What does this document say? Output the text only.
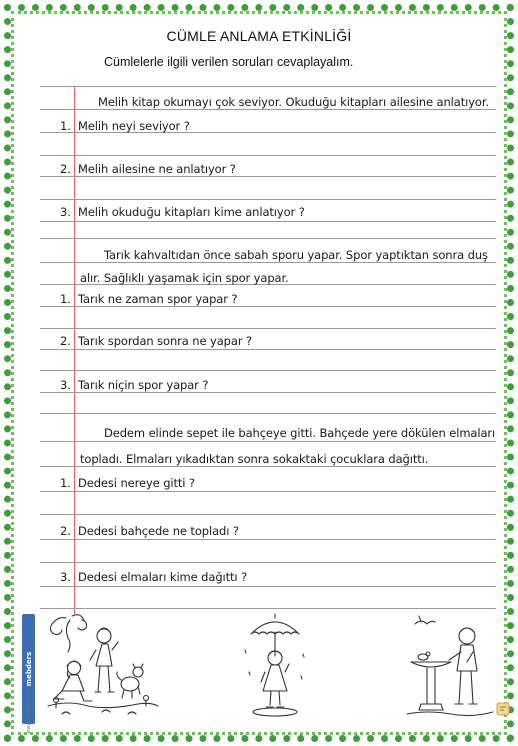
CÜMLE ANLAMA ETKİNLİĞİ
Cümlelerle ilgili verilen soruları cevaplayalım.
Melih kitap okumayı çok seviyor. Okuduğu kitapları ailesine anlatıyor.
1. Melih neyi seviyor ?
2. Melih ailesine ne anlatıyor ?
3. Melih okuduğu kitapları kime anlatıyor ?
Tarık kahvaltıdan önce sabah sporu yapar. Spor yaptıktan sonra duş
alır. Sağlıklı yaşamak için spor yapar.
1. Tarık ne zaman spor yapar ?
2. Tarık spordan sonra ne yapar ?
3. Tarık niçin spor yapar ?
Dedem elinde sepet ile bahçeye gitti. Bahçede yere dökülen elmaları
topladı. Elmaları yıkadıktan sonra sokaktaki çocuklara dağıttı.
1. Dedesi nereye gitti ?
2. Dedesi bahçede ne topladı ?
3. Dedesi elmaları kime dağıttı ?
mebders
www.mebders.com
